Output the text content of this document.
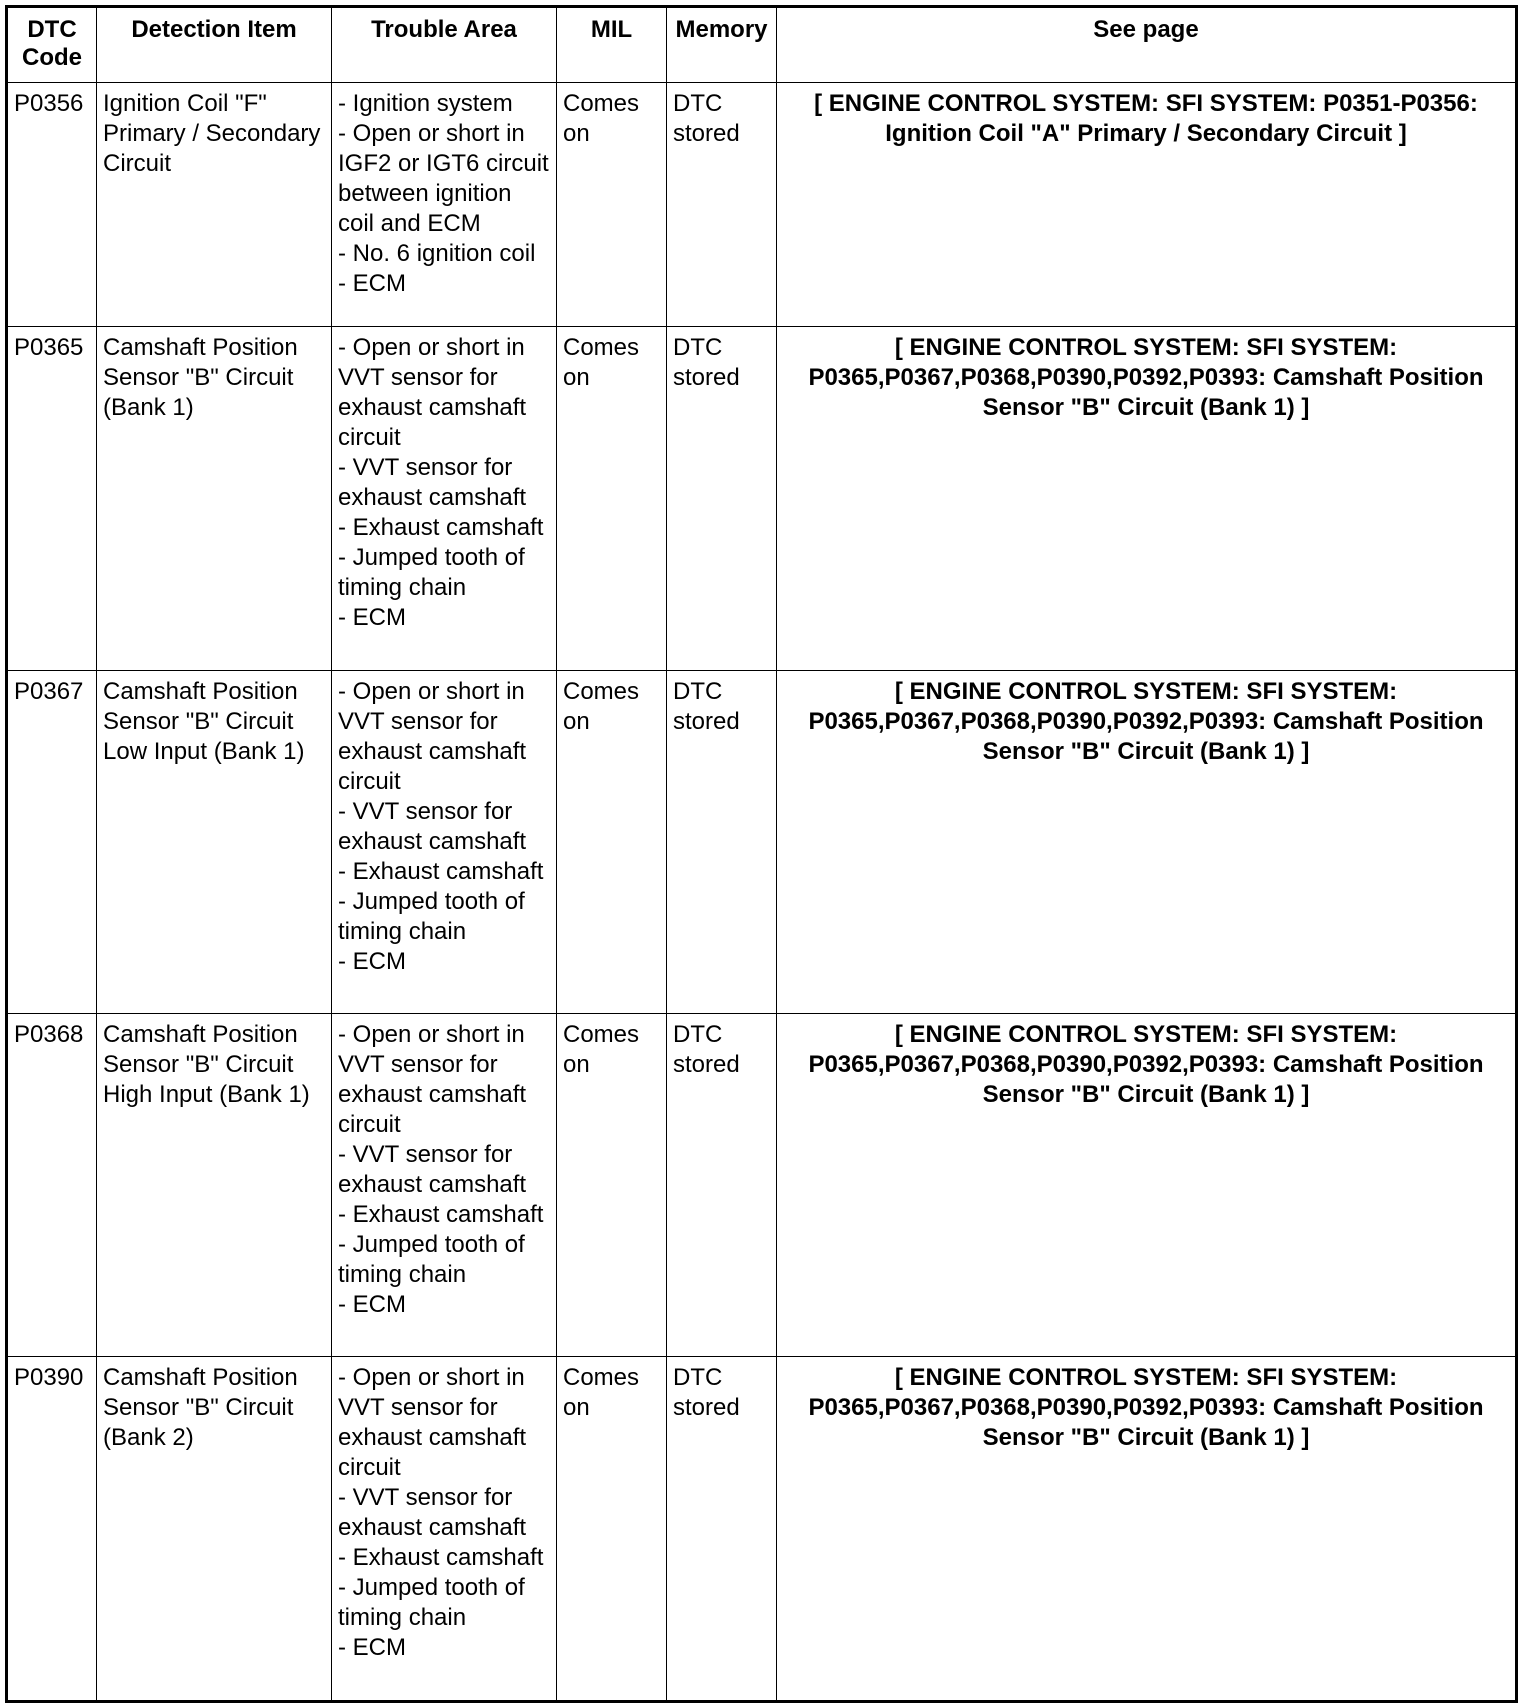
DTC Code	Detection Item	Trouble Area	MIL	Memory	See page
P0356	Ignition Coil "F" Primary / Secondary Circuit	- Ignition system
- Open or short in IGF2 or IGT6 circuit between ignition coil and ECM
- No. 6 ignition coil
- ECM	Comes on	DTC stored	[ ENGINE CONTROL SYSTEM: SFI SYSTEM: P0351-P0356: Ignition Coil "A" Primary / Secondary Circuit ]
P0365	Camshaft Position Sensor "B" Circuit (Bank 1)	- Open or short in VVT sensor for exhaust camshaft circuit
- VVT sensor for exhaust camshaft
- Exhaust camshaft
- Jumped tooth of timing chain
- ECM	Comes on	DTC stored	[ ENGINE CONTROL SYSTEM: SFI SYSTEM: P0365,P0367,P0368,P0390,P0392,P0393: Camshaft Position Sensor "B" Circuit (Bank 1) ]
P0367	Camshaft Position Sensor "B" Circuit Low Input (Bank 1)	- Open or short in VVT sensor for exhaust camshaft circuit
- VVT sensor for exhaust camshaft
- Exhaust camshaft
- Jumped tooth of timing chain
- ECM	Comes on	DTC stored	[ ENGINE CONTROL SYSTEM: SFI SYSTEM: P0365,P0367,P0368,P0390,P0392,P0393: Camshaft Position Sensor "B" Circuit (Bank 1) ]
P0368	Camshaft Position Sensor "B" Circuit High Input (Bank 1)	- Open or short in VVT sensor for exhaust camshaft circuit
- VVT sensor for exhaust camshaft
- Exhaust camshaft
- Jumped tooth of timing chain
- ECM	Comes on	DTC stored	[ ENGINE CONTROL SYSTEM: SFI SYSTEM: P0365,P0367,P0368,P0390,P0392,P0393: Camshaft Position Sensor "B" Circuit (Bank 1) ]
P0390	Camshaft Position Sensor "B" Circuit (Bank 2)	- Open or short in VVT sensor for exhaust camshaft circuit
- VVT sensor for exhaust camshaft
- Exhaust camshaft
- Jumped tooth of timing chain
- ECM	Comes on	DTC stored	[ ENGINE CONTROL SYSTEM: SFI SYSTEM: P0365,P0367,P0368,P0390,P0392,P0393: Camshaft Position Sensor "B" Circuit (Bank 1) ]
